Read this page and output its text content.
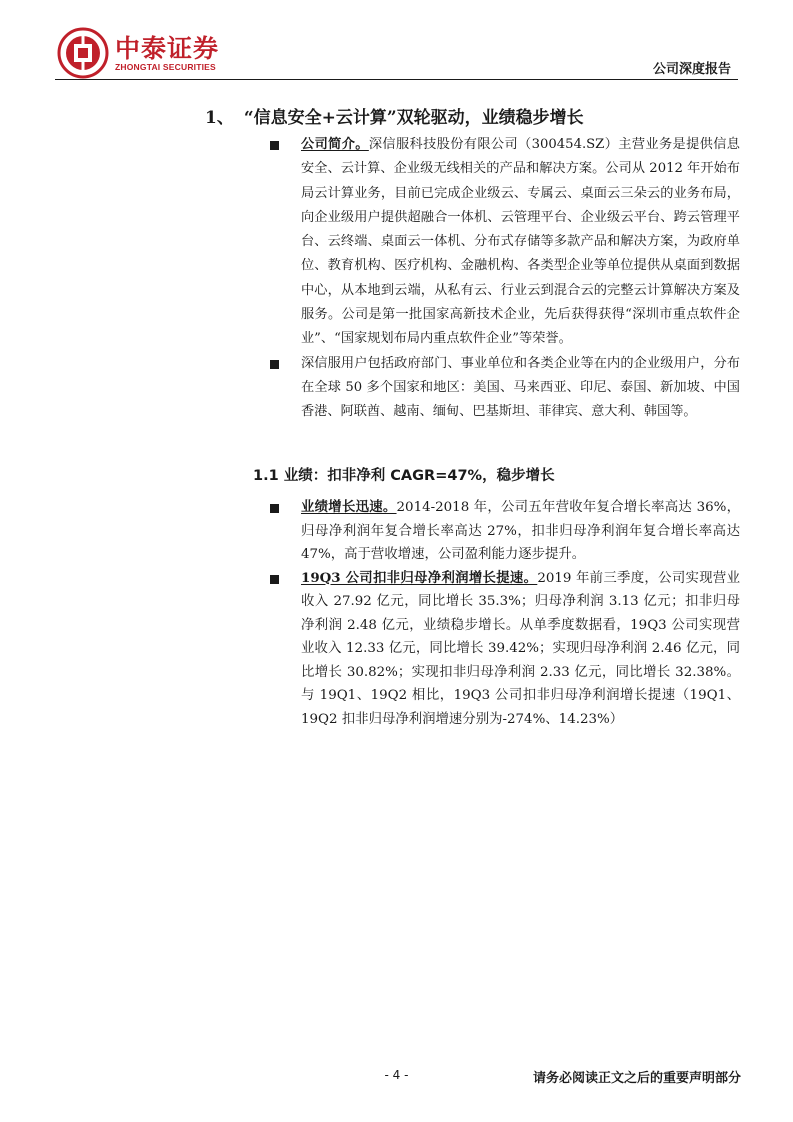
中泰证券
ZHONGTAI SECURITIES	公司深度报告
1、 “信息安全+云计算”双轮驱动，业绩稳步增长
公司简介。深信服科技股份有限公司（300454.SZ）主营业务是提供信息安全、云计算、企业级无线相关的产品和解决方案。公司从 2012 年开始布局云计算业务，目前已完成企业级云、专属云、桌面云三朵云的业务布局，向企业级用户提供超融合一体机、云管理平台、企业级云平台、跨云管理平台、云终端、桌面云一体机、分布式存储等多款产品和解决方案，为政府单位、教育机构、医疗机构、金融机构、各类型企业等单位提供从桌面到数据中心，从本地到云端，从私有云、行业云到混合云的完整云计算解决方案及服务。公司是第一批国家高新技术企业，先后获得获得“深圳市重点软件企业”、“国家规划布局内重点软件企业”等荣誉。
深信服用户包括政府部门、事业单位和各类企业等在内的企业级用户，分布在全球 50 多个国家和地区：美国、马来西亚、印尼、泰国、新加坡、中国香港、阿联酋、越南、缅甸、巴基斯坦、菲律宾、意大利、韩国等。
1.1 业绩：扣非净利 CAGR=47%，稳步增长
业绩增长迅速。2014-2018 年，公司五年营收年复合增长率高达 36%，归母净利润年复合增长率高达 27%，扣非归母净利润年复合增长率高达 47%，高于营收增速，公司盈利能力逐步提升。
19Q3 公司扣非归母净利润增长提速。2019 年前三季度，公司实现营业收入 27.92 亿元，同比增长 35.3%；归母净利润 3.13 亿元；扣非归母净利润 2.48 亿元，业绩稳步增长。从单季度数据看，19Q3 公司实现营业收入 12.33 亿元，同比增长 39.42%；实现归母净利润 2.46 亿元，同比增长 30.82%；实现扣非归母净利润 2.33 亿元，同比增长 32.38%。与 19Q1、19Q2 相比，19Q3 公司扣非归母净利润增长提速（19Q1、19Q2 扣非归母净利润增速分别为-274%、14.23%）
- 4 -	请务必阅读正文之后的重要声明部分
